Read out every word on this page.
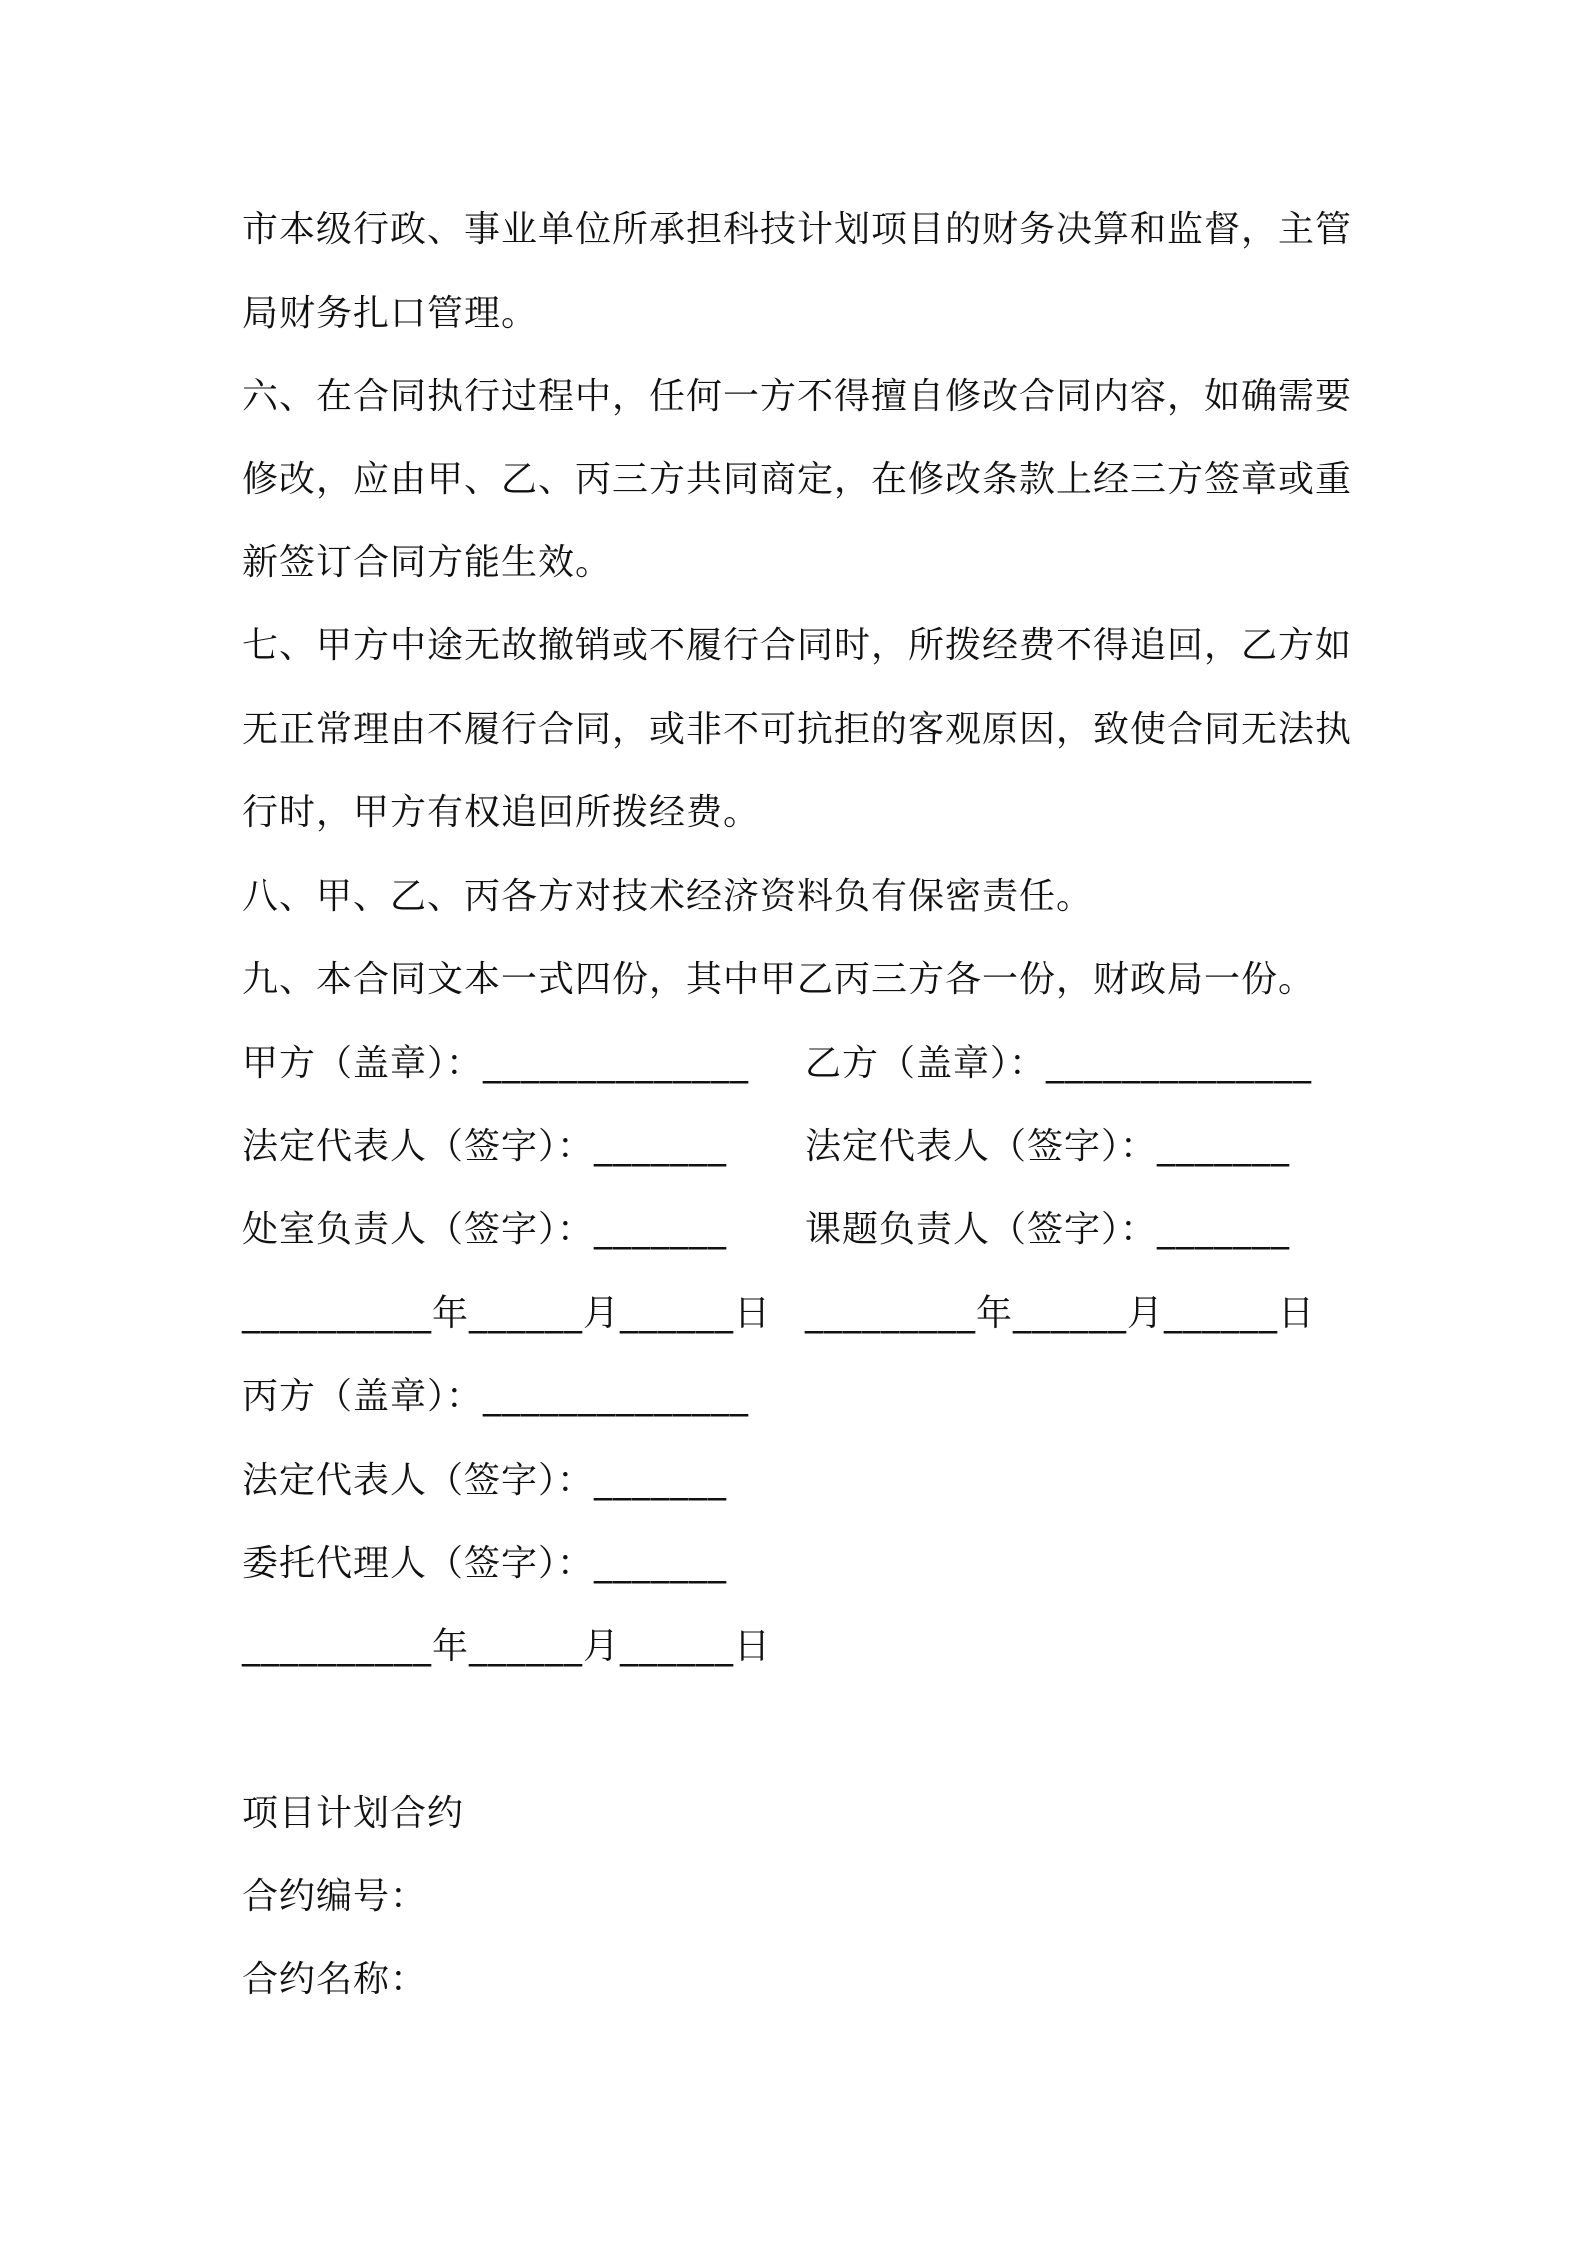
市本级行政、事业单位所承担科技计划项目的财务决算和监督，主管
局财务扎口管理。
六、在合同执行过程中，任何一方不得擅自修改合同内容，如确需要
修改，应由甲、乙、丙三方共同商定，在修改条款上经三方签章或重
新签订合同方能生效。
七、甲方中途无故撤销或不履行合同时，所拨经费不得追回，乙方如
无正常理由不履行合同，或非不可抗拒的客观原因，致使合同无法执
行时，甲方有权追回所拨经费。
八、甲、乙、丙各方对技术经济资料负有保密责任。
九、本合同文本一式四份，其中甲乙丙三方各一份，财政局一份。
甲方（盖章）：______________ 乙方（盖章）：______________
法定代表人（签字）：_______ 法定代表人（签字）：_______
处室负责人（签字）：_______ 课题负责人（签字）：_______
__________年______月______日 _________年______月______日
丙方（盖章）：______________
法定代表人（签字）：_______
委托代理人（签字）：_______
__________年______月______日
项目计划合约
合约编号：
合约名称：
